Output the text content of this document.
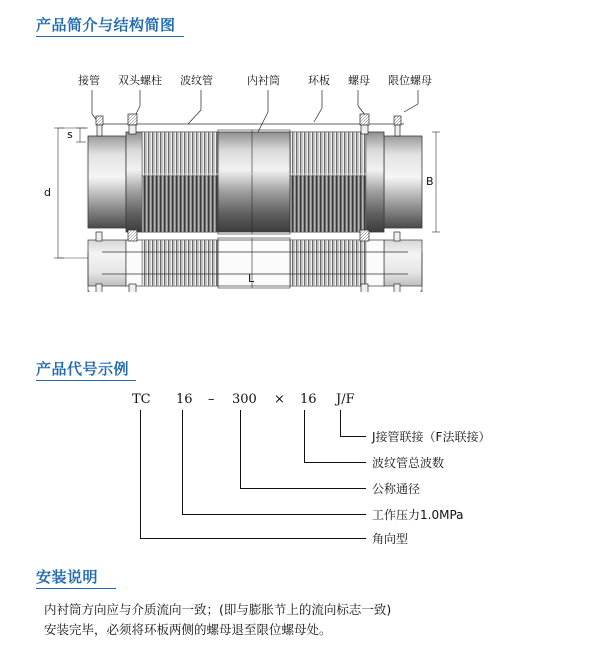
产品简介与结构简图
接管 双头螺柱 波纹管	内衬筒	环板 螺母 限位螺母
s
d
B
L
产品代号示例
TC 16 – 300 × 16 J/F
J接管联接（F法联接）
波纹管总波数
公称通径
工作压力1.0MPa
角向型
安装说明
内衬筒方向应与介质流向一致；(即与膨胀节上的流向标志一致)
安装完毕，必须将环板两侧的螺母退至限位螺母处。
